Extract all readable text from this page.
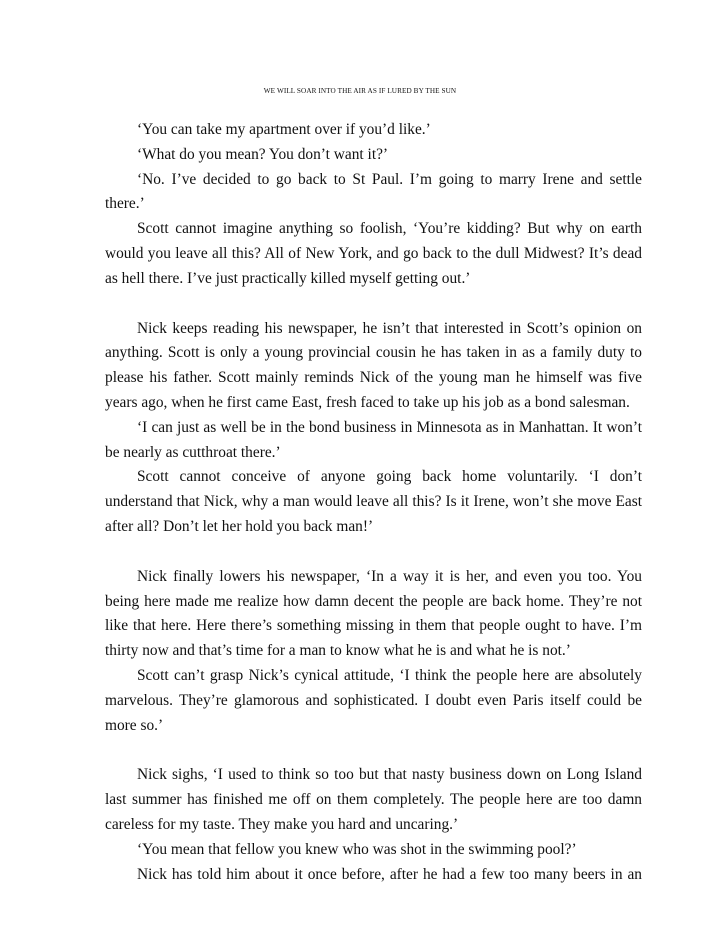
WE WILL SOAR INTO THE AIR AS IF LURED BY THE SUN

‘You can take my apartment over if you’d like.’

‘What do you mean? You don’t want it?’

‘No. I’ve decided to go back to St Paul. I’m going to marry Irene and settle there.’

Scott cannot imagine anything so foolish, ‘You’re kidding? But why on earth would you leave all this? All of New York, and go back to the dull Midwest? It’s dead as hell there. I’ve just practically killed myself getting out.’

Nick keeps reading his newspaper, he isn’t that interested in Scott’s opinion on anything. Scott is only a young provincial cousin he has taken in as a family duty to please his father. Scott mainly reminds Nick of the young man he himself was five years ago, when he first came East, fresh faced to take up his job as a bond salesman.

‘I can just as well be in the bond business in Minnesota as in Manhattan. It won’t be nearly as cutthroat there.’

Scott cannot conceive of anyone going back home voluntarily. ‘I don’t understand that Nick, why a man would leave all this? Is it Irene, won’t she move East after all? Don’t let her hold you back man!’

Nick finally lowers his newspaper, ‘In a way it is her, and even you too. You being here made me realize how damn decent the people are back home. They’re not like that here. Here there’s something missing in them that people ought to have. I’m thirty now and that’s time for a man to know what he is and what he is not.’

Scott can’t grasp Nick’s cynical attitude, ‘I think the people here are absolutely marvelous. They’re glamorous and sophisticated. I doubt even Paris itself could be more so.’

Nick sighs, ‘I used to think so too but that nasty business down on Long Island last summer has finished me off on them completely. The people here are too damn careless for my taste. They make you hard and uncaring.’

‘You mean that fellow you knew who was shot in the swimming pool?’

Nick has told him about it once before, after he had a few too many beers in an
